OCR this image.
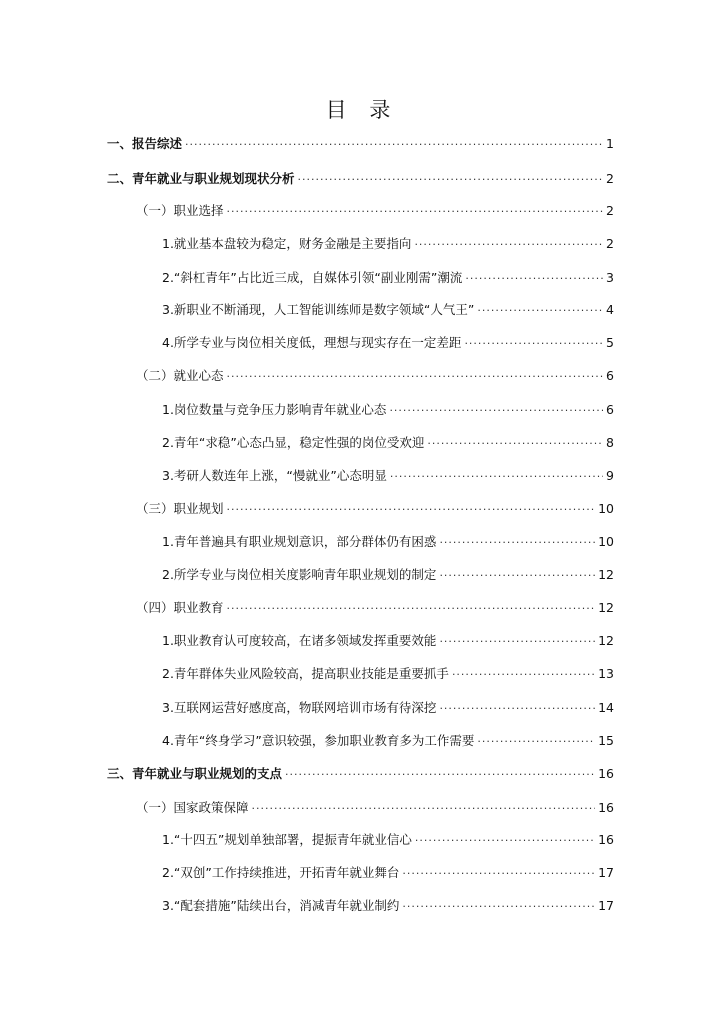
目 录
一、报告综述 ·····	1
二、青年就业与职业规划现状分析 ·····	2
（一）职业选择 ·····	2
1.就业基本盘较为稳定，财务金融是主要指向 ·····	2
2.“斜杠青年”占比近三成，自媒体引领“副业刚需”潮流 ·····	3
3.新职业不断涌现，人工智能训练师是数字领域“人气王” ·····	4
4.所学专业与岗位相关度低，理想与现实存在一定差距 ·····	5
（二）就业心态 ·····	6
1.岗位数量与竞争压力影响青年就业心态 ·····	6
2.青年“求稳”心态凸显，稳定性强的岗位受欢迎 ·····	8
3.考研人数连年上涨，“慢就业”心态明显 ·····	9
（三）职业规划 ·····	10
1.青年普遍具有职业规划意识，部分群体仍有困惑 ·····	10
2.所学专业与岗位相关度影响青年职业规划的制定 ·····	12
（四）职业教育 ·····	12
1.职业教育认可度较高，在诸多领域发挥重要效能 ·····	12
2.青年群体失业风险较高，提高职业技能是重要抓手 ·····	13
3.互联网运营好感度高，物联网培训市场有待深挖 ·····	14
4.青年“终身学习”意识较强，参加职业教育多为工作需要 ·····	15
三、青年就业与职业规划的支点 ·····	16
（一）国家政策保障 ·····	16
1.“十四五”规划单独部署，提振青年就业信心 ·····	16
2.“双创”工作持续推进，开拓青年就业舞台 ·····	17
3.“配套措施”陆续出台，消减青年就业制约 ·····	17
